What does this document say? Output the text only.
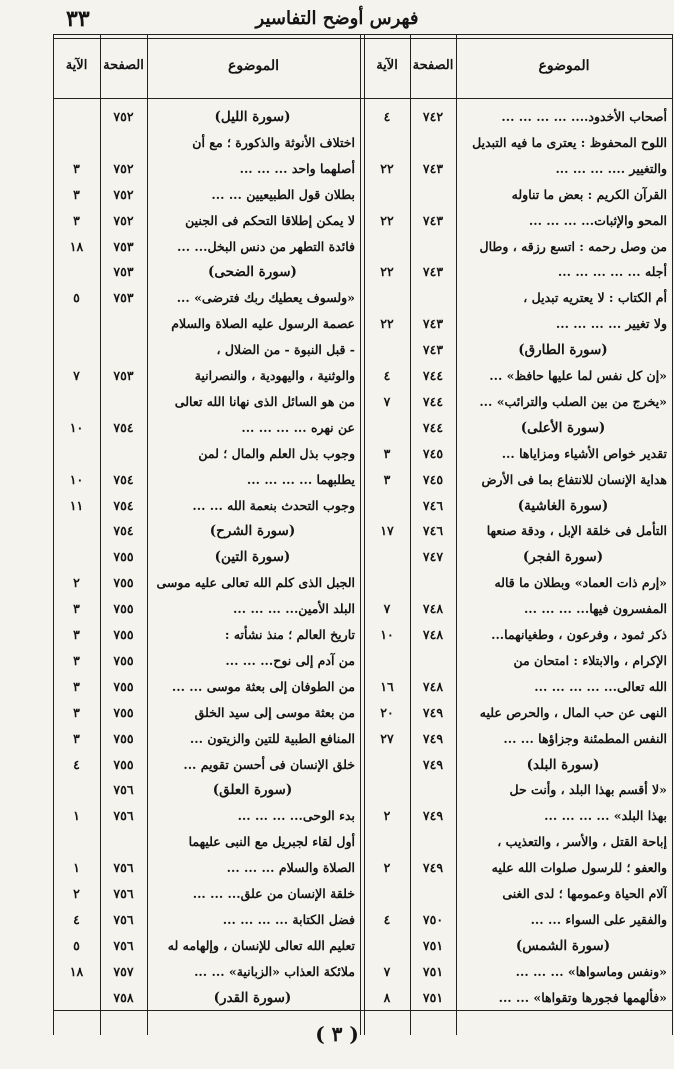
٣٣	فهرس أوضح التفاسير
الآية	الصفحة	الموضوع	الآية	الصفحة	الموضوع
٤	٧٤٢	أصحاب الأخدود.... ... ... ... ...
اللوح المحفوظ : يعترى ما فيه التبديل
٢٢	٧٤٣	والتغيير .... ... ... ...
القرآن الكريم : بعض ما تناوله
٢٢	٧٤٣	المحو والإثبات... ... ... ...
من وصل رحمه : اتسع رزقه ، وطال
٢٢	٧٤٣	أجله ... ... ... ... ...
أم الكتاب : لا يعتريه تبديل ،
٢٢	٧٤٣	ولا تغيير ... ... ... ...
٧٤٣	(سورة الطارق)
٤	٧٤٤	«إن كل نفس لما عليها حافظ» ...
٧	٧٤٤	«يخرج من بين الصلب والترائب» ...
٧٤٤	(سورة الأعلى)
٣	٧٤٥	تقدير خواص الأشياء ومزاياها ...
٣	٧٤٥	هداية الإنسان للانتفاع بما فى الأرض
٧٤٦	(سورة الغاشية)
١٧	٧٤٦	التأمل فى خلقة الإبل ، ودقة صنعها
٧٤٧	(سورة الفجر)
«إرم ذات العماد» وبطلان ما قاله
٧	٧٤٨	المفسرون فيها... ... ... ...
١٠	٧٤٨	ذكر ثمود ، وفرعون ، وطغيانهما...
الإكرام ، والابتلاء : امتحان من
١٦	٧٤٨	الله تعالى... ... ... ... ...
٢٠	٧٤٩	النهى عن حب المال ، والحرص عليه
٢٧	٧٤٩	النفس المطمئنة وجزاؤها ... ...
٧٤٩	(سورة البلد)
«لا أقسم بهذا البلد ، وأنت حل
٢	٧٤٩	بهذا البلد» ... ... ... ...
إباحة القتل ، والأسر ، والتعذيب ،
٢	٧٤٩	والعفو ؛ للرسول صلوات الله عليه
آلام الحياة وعمومها ؛ لدى الغنى
٤	٧٥٠	والفقير على السواء ... ...
٧٥١	(سورة الشمس)
٧	٧٥١	«ونفس وماسواها» ... ... ...
٨	٧٥١	«فألهمها فجورها وتقواها» ... ...
٧٥٢	(سورة الليل)
اختلاف الأنوثة والذكورة ؛ مع أن
٣	٧٥٢	أصلهما واحد ... ... ...
٣	٧٥٢	بطلان قول الطبيعيين ... ...
٣	٧٥٢	لا يمكن إطلاقا التحكم فى الجنين
١٨	٧٥٣	فائدة التطهر من دنس البخل... ...
٧٥٣	(سورة الضحى)
٥	٧٥٣	«ولسوف يعطيك ربك فترضى» ...
عصمة الرسول عليه الصلاة والسلام
- قبل النبوة - من الضلال ،
٧	٧٥٣	والوثنية ، واليهودية ، والنصرانية
من هو السائل الذى نهانا الله تعالى
١٠	٧٥٤	عن نهره ... ... ... ...
وجوب بذل العلم والمال ؛ لمن
١٠	٧٥٤	يطلبهما ... ... ... ...
١١	٧٥٤	وجوب التحدث بنعمة الله ... ...
٧٥٤	(سورة الشرح)
٧٥٥	(سورة التين)
٢	٧٥٥	الجبل الذى كلم الله تعالى عليه موسى
٣	٧٥٥	البلد الأمين... ... ... ...
٣	٧٥٥	تاريخ العالم ؛ منذ نشأته :
٣	٧٥٥	من آدم إلى نوح... ... ...
٣	٧٥٥	من الطوفان إلى بعثة موسى ... ...
٣	٧٥٥	من بعثة موسى إلى سيد الخلق
٣	٧٥٥	المنافع الطبية للتين والزيتون ...
٤	٧٥٥	خلق الإنسان فى أحسن تقويم ...
٧٥٦	(سورة العلق)
١	٧٥٦	بدء الوحى... ... ... ...
أول لقاء لجبريل مع النبى عليهما
١	٧٥٦	الصلاة والسلام ... ... ...
٢	٧٥٦	خلقة الإنسان من علق... ... ...
٤	٧٥٦	فضل الكتابة ... ... ... ...
٥	٧٥٦	تعليم الله تعالى للإنسان ، وإلهامه له
١٨	٧٥٧	ملائكة العذاب «الزبانية» ... ...
٧٥٨	(سورة القدر)
( ٣ )
